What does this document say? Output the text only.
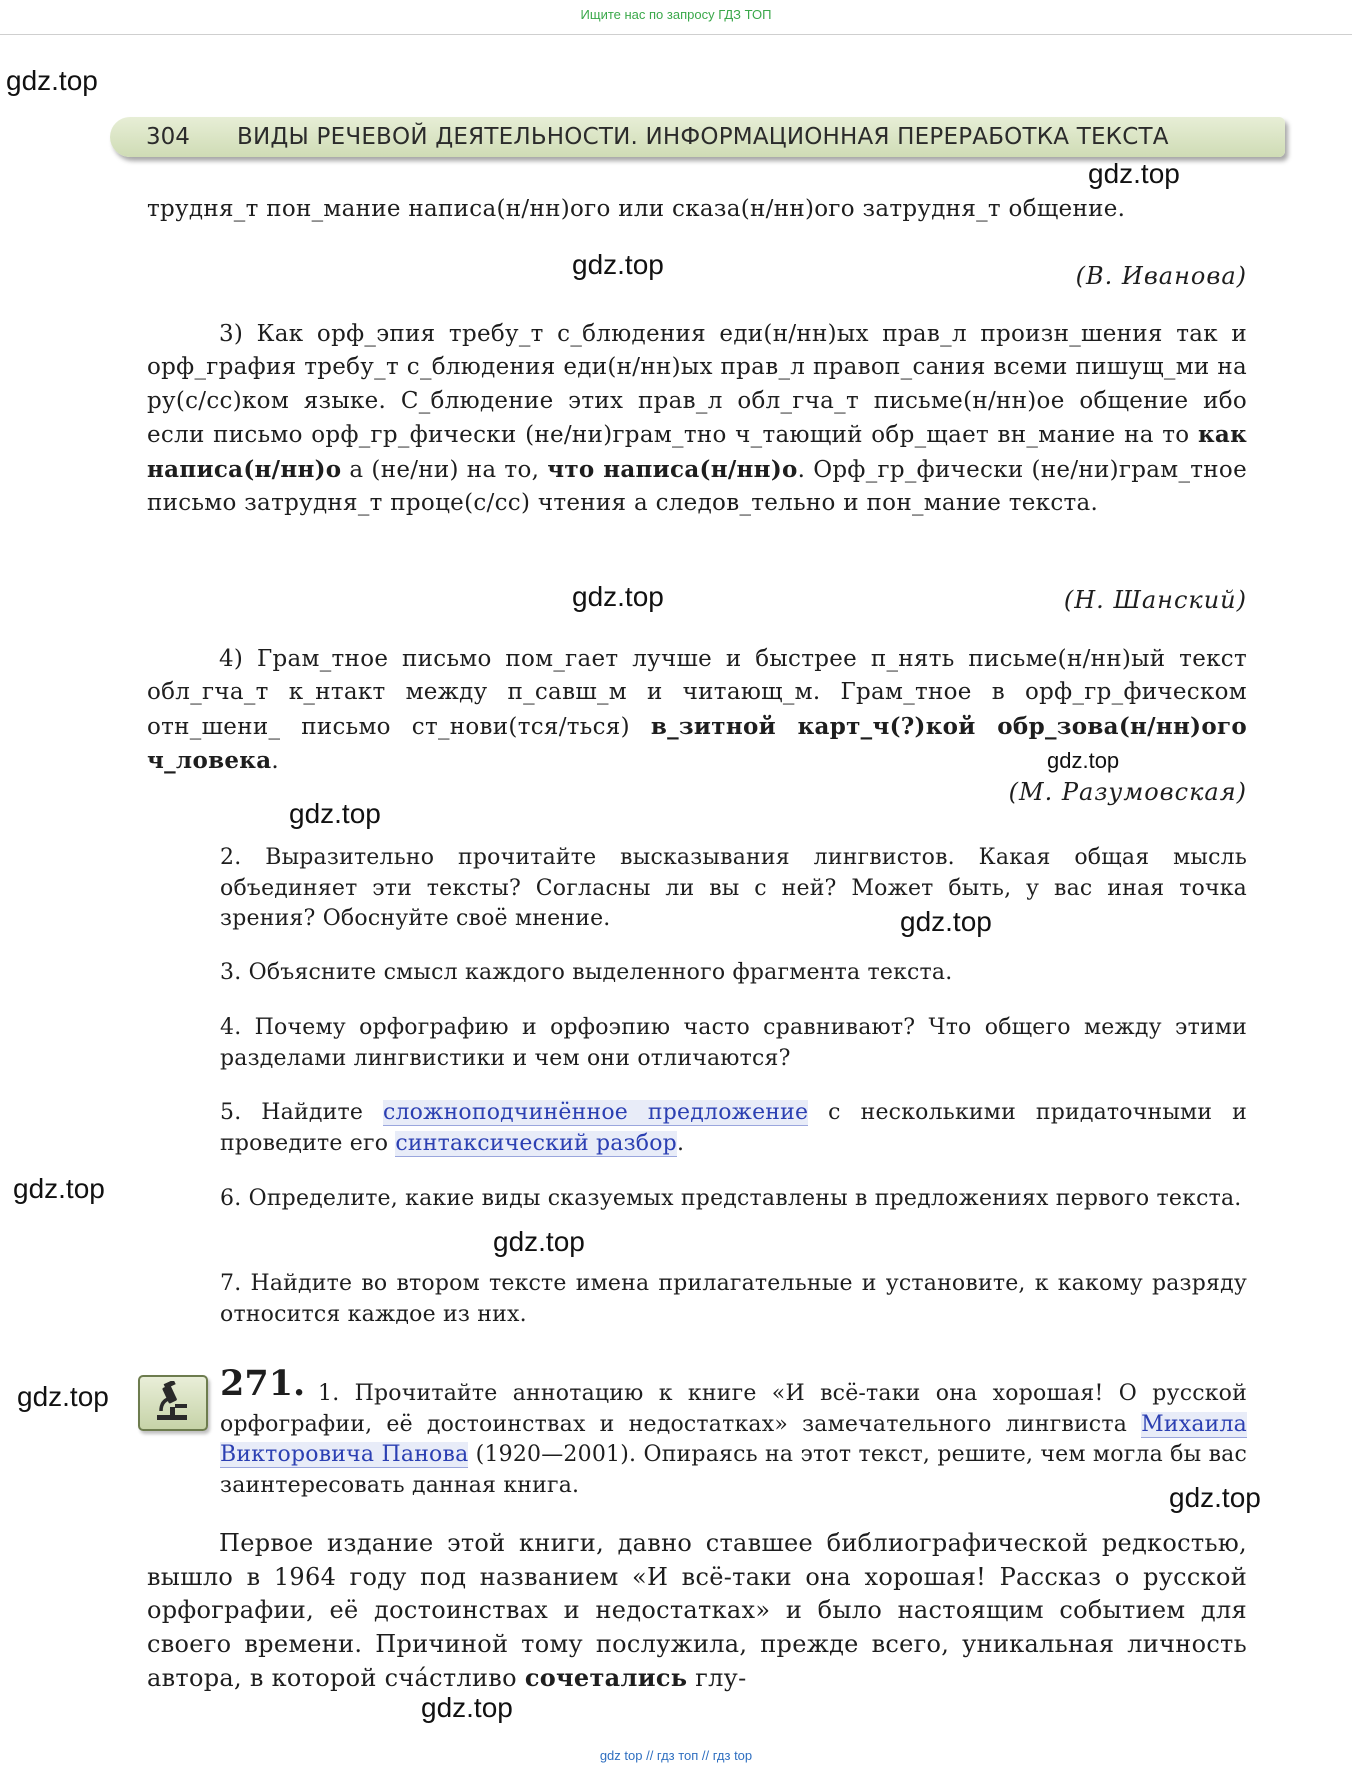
Ищите нас по запросу ГДЗ ТОП
gdz.top
304 ВИДЫ РЕЧЕВОЙ ДЕЯТЕЛЬНОСТИ. ИНФОРМАЦИОННАЯ ПЕРЕРАБОТКА ТЕКСТА
gdz.top
трудня_т пон_мание написа(н/нн)ого или сказа(н/нн)ого затрудня_т общение.
gdz.top	(В. Иванова)
3) Как орф_эпия требу_т с_блюдения еди(н/нн)ых прав_л произн_шения так и орф_графия требу_т с_блюдения еди(н/нн)ых прав_л правоп_сания всеми пишущ_ми на ру(с/сс)ком языке. С_блюдение этих прав_л обл_гча_т письме(н/нн)ое общение ибо если письмо орф_гр_фически (не/ни)грам_тно ч_тающий обр_щает вн_мание на то как написа(н/нн)о а (не/ни) на то, что написа(н/нн)о. Орф_гр_фически (не/ни)грам_тное письмо затрудня_т проце(с/сс) чтения а следов_тельно и пон_мание текста.
gdz.top	(Н. Шанский)
4) Грам_тное письмо пом_гает лучше и быстрее п_нять письме(н/нн)ый текст обл_гча_т к_нтакт между п_савш_м и читающ_м. Грам_тное в орф_гр_фическом отн_шени_ письмо ст_нови(тся/ться) в_зитной карт_ч(?)кой обр_зова(н/нн)ого ч_ловека.	gdz.top
(М. Разумовская)
gdz.top
2. Выразительно прочитайте высказывания лингвистов. Какая общая мысль объединяет эти тексты? Согласны ли вы с ней? Может быть, у вас иная точка зрения? Обоснуйте своё мнение.	gdz.top
3. Объясните смысл каждого выделенного фрагмента текста.
4. Почему орфографию и орфоэпию часто сравнивают? Что общего между этими разделами лингвистики и чем они отличаются?
5. Найдите сложноподчинённое предложение с несколькими придаточными и проведите его синтаксический разбор.
gdz.top	6. Определите, какие виды сказуемых представлены в предложениях первого текста.
gdz.top
7. Найдите во втором тексте имена прилагательные и установите, к какому разряду относится каждое из них.
gdz.top	271. 1. Прочитайте аннотацию к книге «И всё-таки она хорошая! О русской орфографии, её достоинствах и недостатках» замечательного лингвиста Михаила Викторовича Панова (1920—2001). Опираясь на этот текст, решите, чем могла бы вас заинтересовать данная книга.	gdz.top
Первое издание этой книги, давно ставшее библиографической редкостью, вышло в 1964 году под названием «И всё-таки она хорошая! Рассказ о русской орфографии, её достоинствах и недостатках» и было настоящим событием для своего времени. Причиной тому послужила, прежде всего, уникальная личность автора, в которой сча́стливо сочетались глу-
gdz.top
gdz top // гдз топ // гдз top
